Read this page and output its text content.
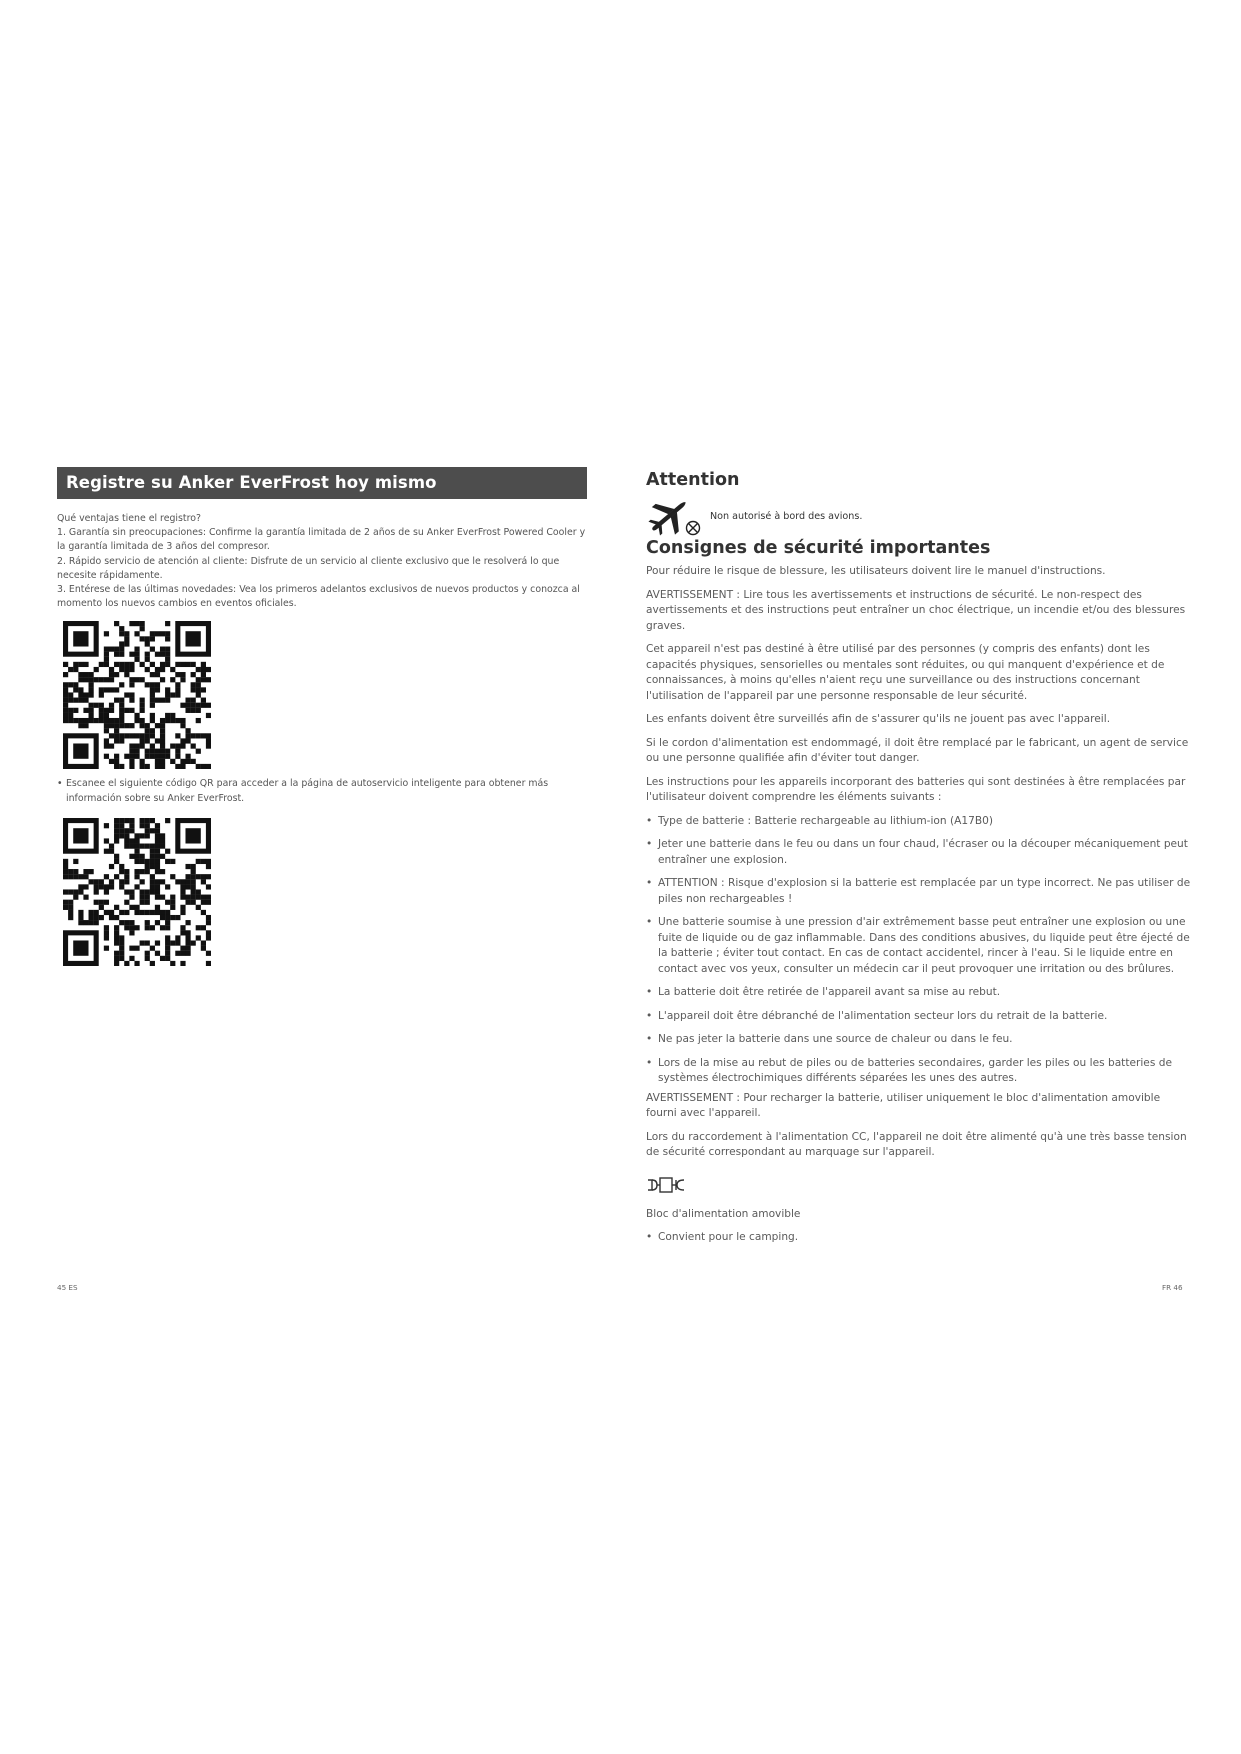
Registre su Anker EverFrost hoy mismo
Qué ventajas tiene el registro?
1. Garantía sin preocupaciones: Confirme la garantía limitada de 2 años de su Anker EverFrost Powered Cooler y la garantía limitada de 3 años del compresor.
2. Rápido servicio de atención al cliente: Disfrute de un servicio al cliente exclusivo que le resolverá lo que necesite rápidamente.
3. Entérese de las últimas novedades: Vea los primeros adelantos exclusivos de nuevos productos y conozca al momento los nuevos cambios en eventos oficiales.
• Escanee el siguiente código QR para acceder a la página de autoservicio inteligente para obtener más información sobre su Anker EverFrost.
45 ES
Attention
Non autorisé à bord des avions.
Consignes de sécurité importantes

Pour réduire le risque de blessure, les utilisateurs doivent lire le manuel d'instructions.

AVERTISSEMENT : Lire tous les avertissements et instructions de sécurité. Le non-respect des avertissements et des instructions peut entraîner un choc électrique, un incendie et/ou des blessures graves.

Cet appareil n'est pas destiné à être utilisé par des personnes (y compris des enfants) dont les capacités physiques, sensorielles ou mentales sont réduites, ou qui manquent d'expérience et de connaissances, à moins qu'elles n'aient reçu une surveillance ou des instructions concernant l'utilisation de l'appareil par une personne responsable de leur sécurité.

Les enfants doivent être surveillés afin de s'assurer qu'ils ne jouent pas avec l'appareil.

Si le cordon d'alimentation est endommagé, il doit être remplacé par le fabricant, un agent de service ou une personne qualifiée afin d'éviter tout danger.

Les instructions pour les appareils incorporant des batteries qui sont destinées à être remplacées par l'utilisateur doivent comprendre les éléments suivants :

• Type de batterie : Batterie rechargeable au lithium-ion (A17B0)
• Jeter une batterie dans le feu ou dans un four chaud, l'écraser ou la découper mécaniquement peut entraîner une explosion.
• ATTENTION : Risque d'explosion si la batterie est remplacée par un type incorrect. Ne pas utiliser de piles non rechargeables !
• Une batterie soumise à une pression d'air extrêmement basse peut entraîner une explosion ou une fuite de liquide ou de gaz inflammable. Dans des conditions abusives, du liquide peut être éjecté de la batterie ; éviter tout contact. En cas de contact accidentel, rincer à l'eau. Si le liquide entre en contact avec vos yeux, consulter un médecin car il peut provoquer une irritation ou des brûlures.
• La batterie doit être retirée de l'appareil avant sa mise au rebut.
• L'appareil doit être débranché de l'alimentation secteur lors du retrait de la batterie.
• Ne pas jeter la batterie dans une source de chaleur ou dans le feu.
• Lors de la mise au rebut de piles ou de batteries secondaires, garder les piles ou les batteries de systèmes électrochimiques différents séparées les unes des autres.

AVERTISSEMENT : Pour recharger la batterie, utiliser uniquement le bloc d'alimentation amovible fourni avec l'appareil.

Lors du raccordement à l'alimentation CC, l'appareil ne doit être alimenté qu'à une très basse tension de sécurité correspondant au marquage sur l'appareil.

Bloc d'alimentation amovible

• Convient pour le camping.
FR 46
